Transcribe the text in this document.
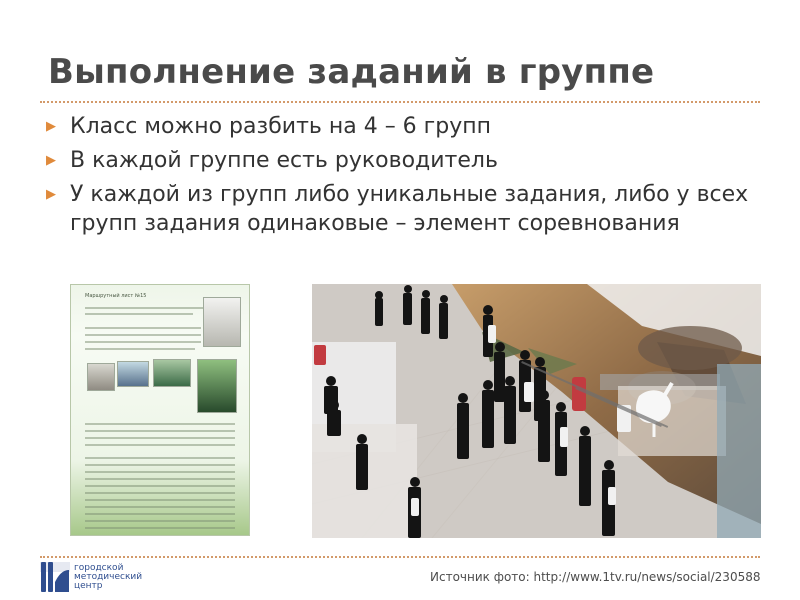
Выполнение заданий в группе
▶ Класс можно разбить на 4 – 6 групп
▶ В каждой группе есть руководитель
▶ У каждой из групп либо уникальные задания, либо у всех групп задания одинаковые – элемент соревнования
Маршрутный лист №15
городской
методический
центр
Источник фото: http://www.1tv.ru/news/social/230588
